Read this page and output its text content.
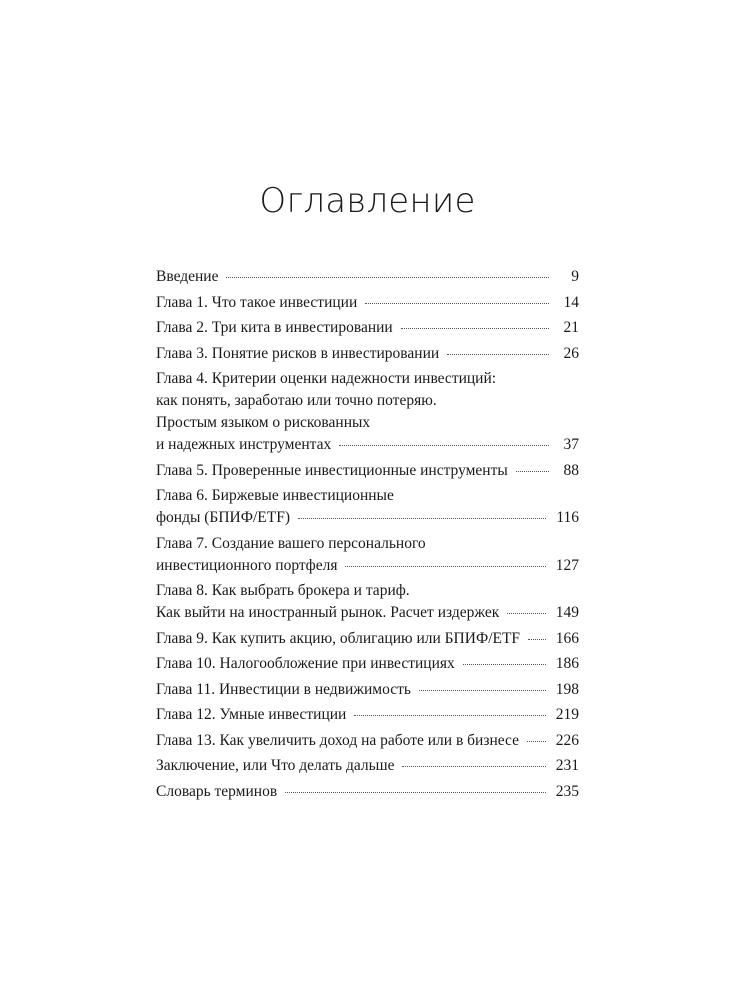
Оглавление
Введение	9
Глава 1. Что такое инвестиции	14
Глава 2. Три кита в инвестировании	21
Глава 3. Понятие рисков в инвестировании	26
Глава 4. Критерии оценки надежности инвестиций:
как понять, заработаю или точно потеряю.
Простым языком о рискованных
и надежных инструментах	37
Глава 5. Проверенные инвестиционные инструменты	88
Глава 6. Биржевые инвестиционные
фонды (БПИФ/ETF)	116
Глава 7. Создание вашего персонального
инвестиционного портфеля	127
Глава 8. Как выбрать брокера и тариф.
Как выйти на иностранный рынок. Расчет издержек	149
Глава 9. Как купить акцию, облигацию или БПИФ/ETF 166
Глава 10. Налогообложение при инвестициях	186
Глава 11. Инвестиции в недвижимость	198
Глава 12. Умные инвестиции	219
Глава 13. Как увеличить доход на работе или в бизнесе 226
Заключение, или Что делать дальше	231
Словарь терминов	235
